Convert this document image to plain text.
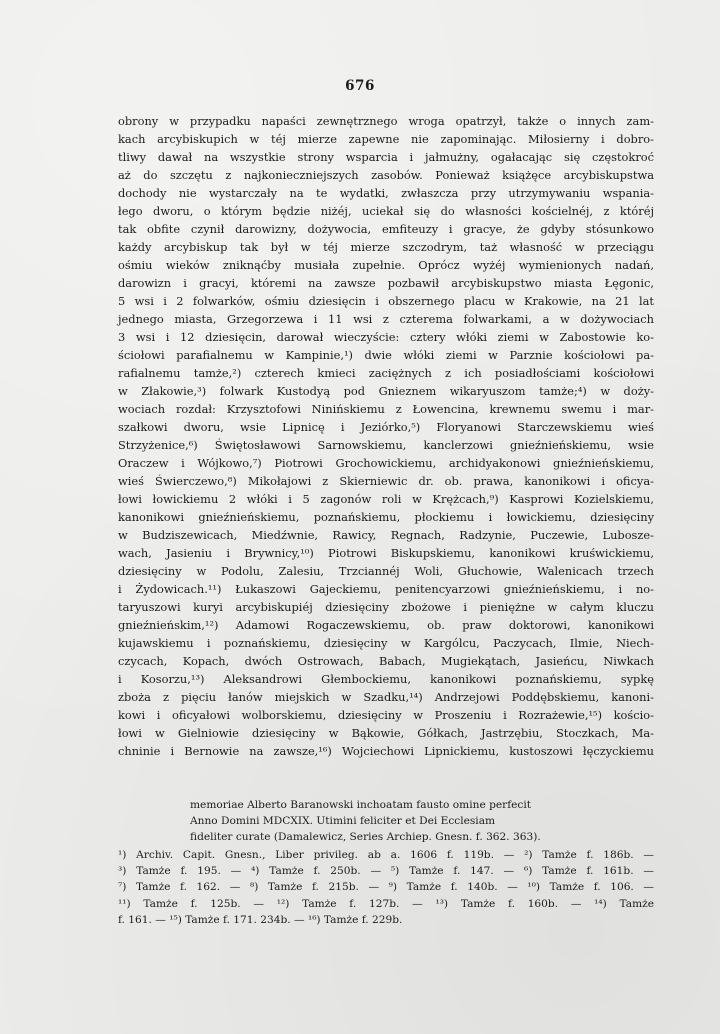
676
obrony w przypadku napaści zewnętrznego wroga opatrzył, także o innych zam-
kach arcybiskupich w téj mierze zapewne nie zapominając. Miłosierny i dobro-
tliwy dawał na wszystkie strony wsparcia i jałmużny, ogałacając się częstokroć
aż do szczętu z najkonieczniejszych zasobów. Ponieważ książęce arcybiskupstwa
dochody nie wystarczały na te wydatki, zwłaszcza przy utrzymywaniu wspania-
łego dworu, o którym będzie niżéj, uciekał się do własności kościelnéj, z któréj
tak obfite czynił darowizny, dożywocia, emfiteuzy i gracye, że gdyby stósunkowo
każdy arcybiskup tak był w téj mierze szczodrym, taż własność w przeciągu
ośmiu wieków zniknąćby musiała zupełnie. Oprócz wyżéj wymienionych nadań,
darowizn i gracyi, któremi na zawsze pozbawił arcybiskupstwo miasta Łęgonic,
5 wsi i 2 folwarków, ośmiu dziesięcin i obszernego placu w Krakowie, na 21 lat
jednego miasta, Grzegorzewa i 11 wsi z czterema folwarkami, a w dożywociach
3 wsi i 12 dziesięcin, darował wieczyście: cztery włóki ziemi w Zabostowie ko-
ściołowi parafialnemu w Kampinie,¹) dwie włóki ziemi w Parznie kościołowi pa-
rafialnemu tamże,²) czterech kmieci zaciężnych z ich posiadłościami kościołowi
w Złakowie,³) folwark Kustodyą pod Gnieznem wikaryuszom tamże;⁴) w doży-
wociach rozdał: Krzysztofowi Ninińskiemu z Łowencina, krewnemu swemu i mar-
szałkowi dworu, wsie Lipnicę i Jeziórko,⁵) Floryanowi Starczewskiemu wieś
Strzyżenice,⁶) Świętosławowi Sarnowskiemu, kanclerzowi gnieźnieńskiemu, wsie
Oraczew i Wójkowo,⁷) Piotrowi Grochowickiemu, archidyakonowi gnieźnieńskiemu,
wieś Świerczewo,⁸) Mikołajowi z Skierniewic dr. ob. prawa, kanonikowi i oficya-
łowi łowickiemu 2 włóki i 5 zagonów roli w Krężcach,⁹) Kasprowi Kozielskiemu,
kanonikowi gnieźnieńskiemu, poznańskiemu, płockiemu i łowickiemu, dziesięciny
w Budziszewicach, Miedźwnie, Rawicy, Regnach, Radzynie, Puczewie, Lubosze-
wach, Jasieniu i Brywnicy,¹⁰) Piotrowi Biskupskiemu, kanonikowi kruświckiemu,
dziesięciny w Podolu, Zalesiu, Trzciannéj Woli, Głuchowie, Walenicach trzech
i Żydowicach.¹¹) Łukaszowi Gajeckiemu, penitencyarzowi gnieźnieńskiemu, i no-
taryuszowi kuryi arcybiskupiéj dziesięciny zbożowe i pieniężne w całym kluczu
gnieźnieńskim,¹²) Adamowi Rogaczewskiemu, ob. praw doktorowi, kanonikowi
kujawskiemu i poznańskiemu, dziesięciny w Kargólcu, Paczycach, Ilmie, Niech-
czycach, Kopach, dwóch Ostrowach, Babach, Mugiekątach, Jasieńcu, Niwkach
i Kosorzu,¹³) Aleksandrowi Głembockiemu, kanonikowi poznańskiemu, sypkę
zboża z pięciu łanów miejskich w Szadku,¹⁴) Andrzejowi Poddębskiemu, kanoni-
kowi i oficyałowi wolborskiemu, dziesięciny w Proszeniu i Rozrażewie,¹⁵) kościo-
łowi w Gielniowie dziesięciny w Bąkowie, Gółkach, Jastrzębiu, Stoczkach, Ma-
chninie i Bernowie na zawsze,¹⁶) Wojciechowi Lipnickiemu, kustoszowi łęczyckiemu
memoriae Alberto Baranowski inchoatam fausto omine perfecit
Anno Domini MDCXIX. Utimini feliciter et Dei Ecclesiam
fideliter curate (Damalewicz, Series Archiep. Gnesn. f. 362. 363).
¹) Archiv. Capit. Gnesn., Liber privileg. ab a. 1606 f. 119b. — ²) Tamże f. 186b. —
³) Tamże f. 195. — ⁴) Tamże f. 250b. — ⁵) Tamże f. 147. — ⁶) Tamże f. 161b. —
⁷) Tamże f. 162. — ⁸) Tamże f. 215b. — ⁹) Tamże f. 140b. — ¹⁰) Tamże f. 106. —
¹¹) Tamże f. 125b. — ¹²) Tamże f. 127b. — ¹³) Tamże f. 160b. — ¹⁴) Tamże
f. 161. — ¹⁵) Tamże f. 171. 234b. — ¹⁶) Tamże f. 229b.
